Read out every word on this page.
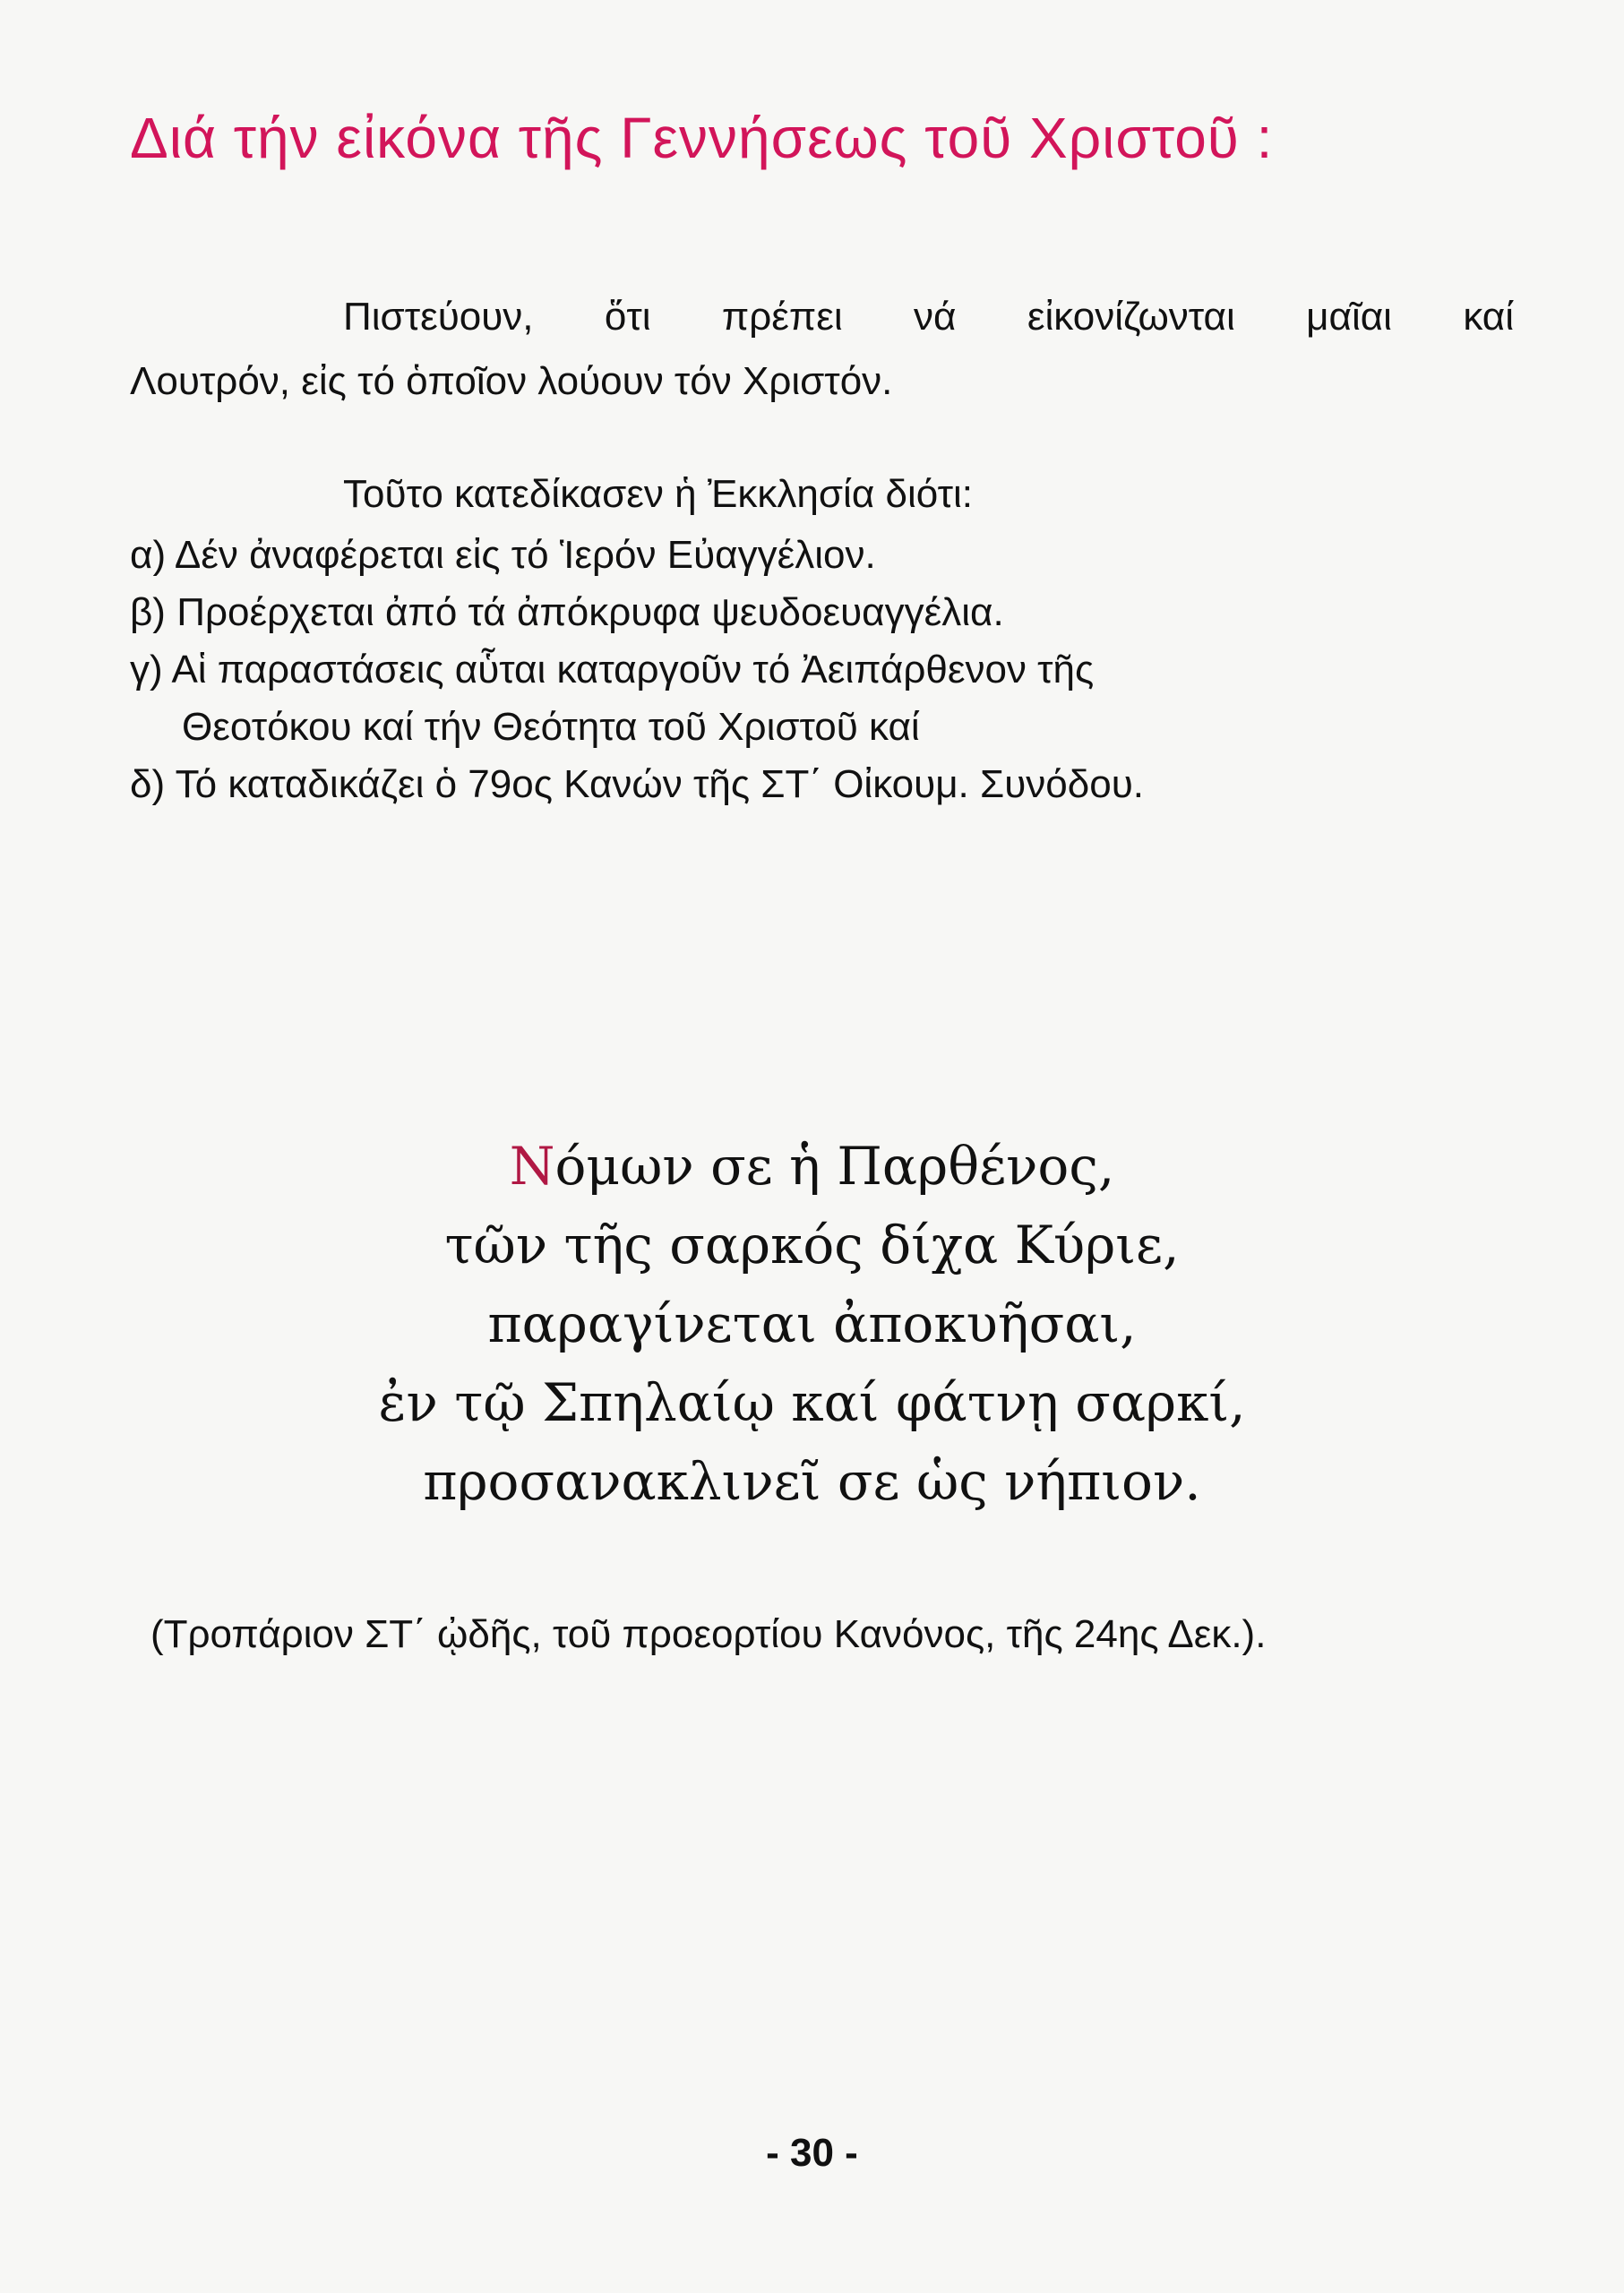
Διά τήν εἰκόνα τῆς Γεννήσεως τοῦ Χριστοῦ :
Πιστεύουν, ὅτι πρέπει νά εἰκονίζωνται μαῖαι καί
Λουτρόν, εἰς τό ὁποῖον λούουν τόν Χριστόν.
Τοῦτο κατεδίκασεν ἡ Ἐκκλησία διότι:
α) Δέν ἀναφέρεται εἰς τό Ἱερόν Εὐαγγέλιον.
β) Προέρχεται ἀπό τά ἀπόκρυφα ψευδοευαγγέλια.
γ) Αἱ παραστάσεις αὗται καταργοῦν τό Ἀειπάρθενον τῆς
Θεοτόκου καί τήν Θεότητα τοῦ Χριστοῦ καί
δ) Τό καταδικάζει ὁ 79ος Κανών τῆς ΣΤ΄ Οἰκουμ. Συνόδου.
Νόμων σε ἡ Παρθένος,
τῶν τῆς σαρκός δίχα Κύριε,
παραγίνεται ἀποκυῆσαι,
ἐν τῷ Σπηλαίῳ καί φάτνῃ σαρκί,
προσανακλινεῖ σε ὡς νήπιον.
(Τροπάριον ΣΤ΄ ᾠδῆς, τοῦ προεορτίου Κανόνος, τῆς 24ης Δεκ.).
- 30 -
